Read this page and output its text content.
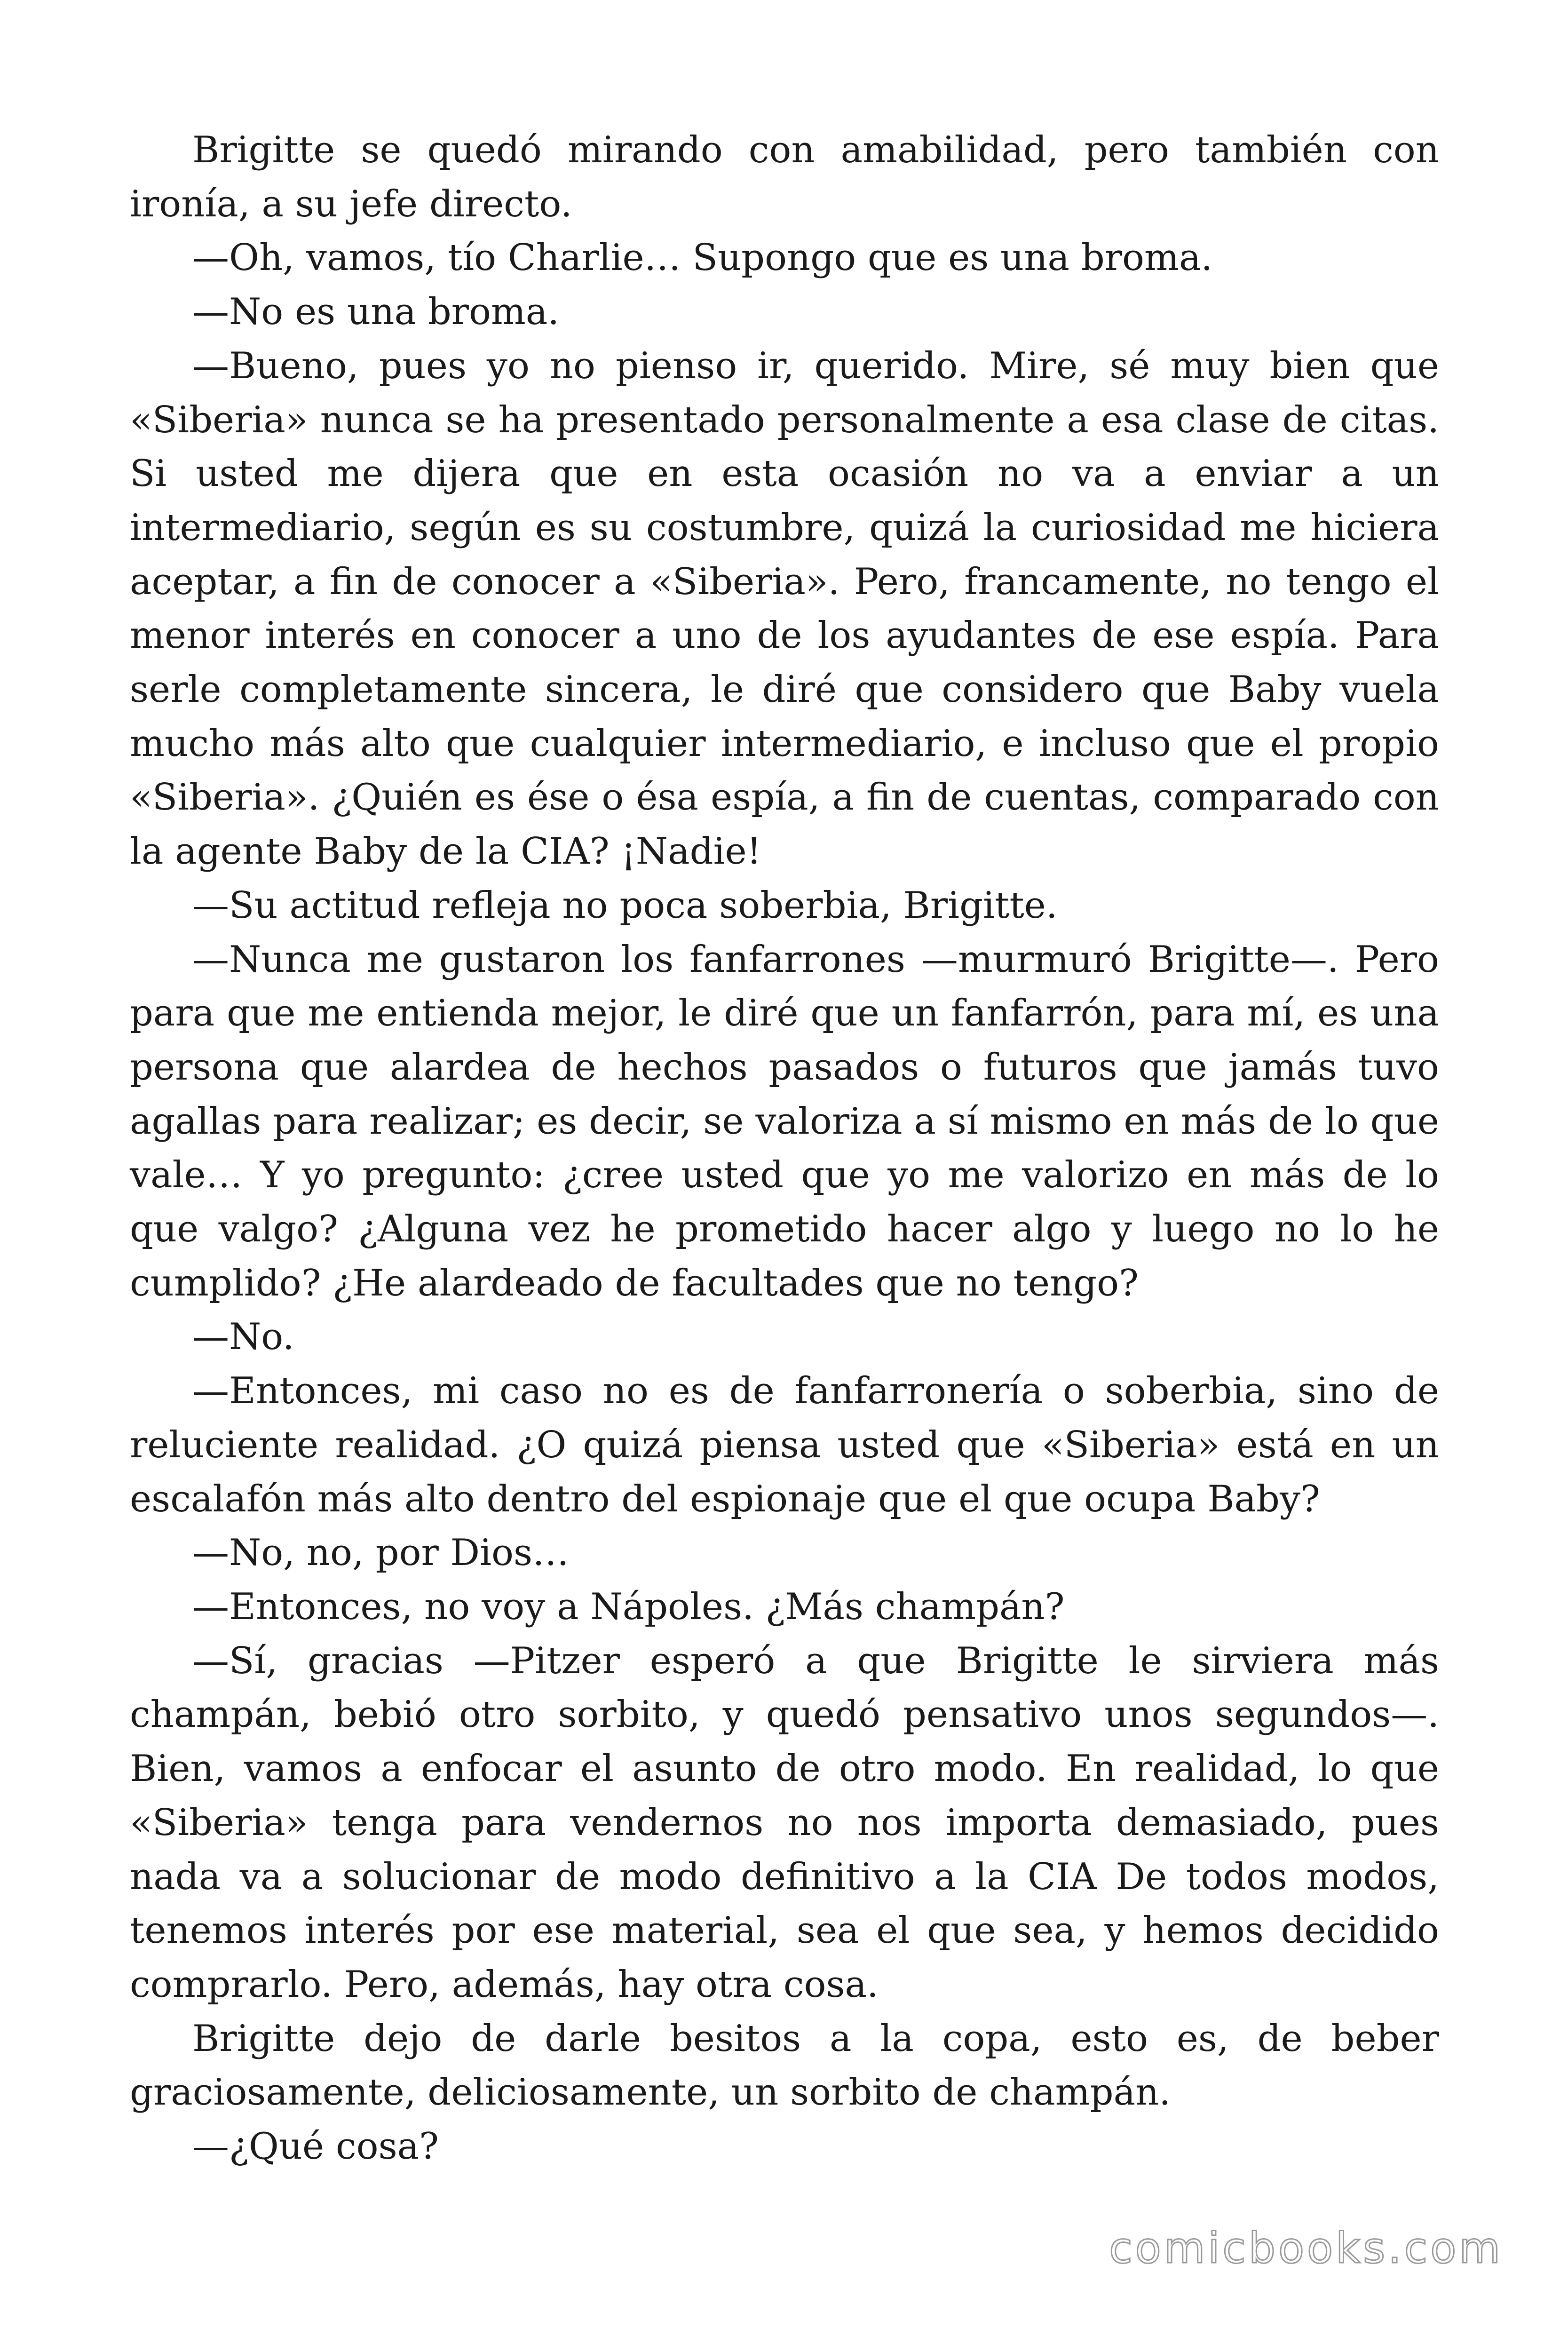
Brigitte se quedó mirando con amabilidad, pero también con ironía, a su jefe directo.

—Oh, vamos, tío Charlie… Supongo que es una broma.

—No es una broma.

—Bueno, pues yo no pienso ir, querido. Mire, sé muy bien que «Siberia» nunca se ha presentado personalmente a esa clase de citas. Si usted me dijera que en esta ocasión no va a enviar a un intermediario, según es su costumbre, quizá la curiosidad me hiciera aceptar, a fin de conocer a «Siberia». Pero, francamente, no tengo el menor interés en conocer a uno de los ayudantes de ese espía. Para serle completamente sincera, le diré que considero que Baby vuela mucho más alto que cualquier intermediario, e incluso que el propio «Siberia». ¿Quién es ése o ésa espía, a fin de cuentas, comparado con la agente Baby de la CIA? ¡Nadie!

—Su actitud refleja no poca soberbia, Brigitte.

—Nunca me gustaron los fanfarrones —murmuró Brigitte—. Pero para que me entienda mejor, le diré que un fanfarrón, para mí, es una persona que alardea de hechos pasados o futuros que jamás tuvo agallas para realizar; es decir, se valoriza a sí mismo en más de lo que vale… Y yo pregunto: ¿cree usted que yo me valorizo en más de lo que valgo? ¿Alguna vez he prometido hacer algo y luego no lo he cumplido? ¿He alardeado de facultades que no tengo?

—No.

—Entonces, mi caso no es de fanfarronería o soberbia, sino de reluciente realidad. ¿O quizá piensa usted que «Siberia» está en un escalafón más alto dentro del espionaje que el que ocupa Baby?

—No, no, por Dios…

—Entonces, no voy a Nápoles. ¿Más champán?

—Sí, gracias —Pitzer esperó a que Brigitte le sirviera más champán, bebió otro sorbito, y quedó pensativo unos segundos—. Bien, vamos a enfocar el asunto de otro modo. En realidad, lo que «Siberia» tenga para vendernos no nos importa demasiado, pues nada va a solucionar de modo definitivo a la CIA De todos modos, tenemos interés por ese material, sea el que sea, y hemos decidido comprarlo. Pero, además, hay otra cosa.

Brigitte dejo de darle besitos a la copa, esto es, de beber graciosamente, deliciosamente, un sorbito de champán.

—¿Qué cosa?

comicbooks.com
